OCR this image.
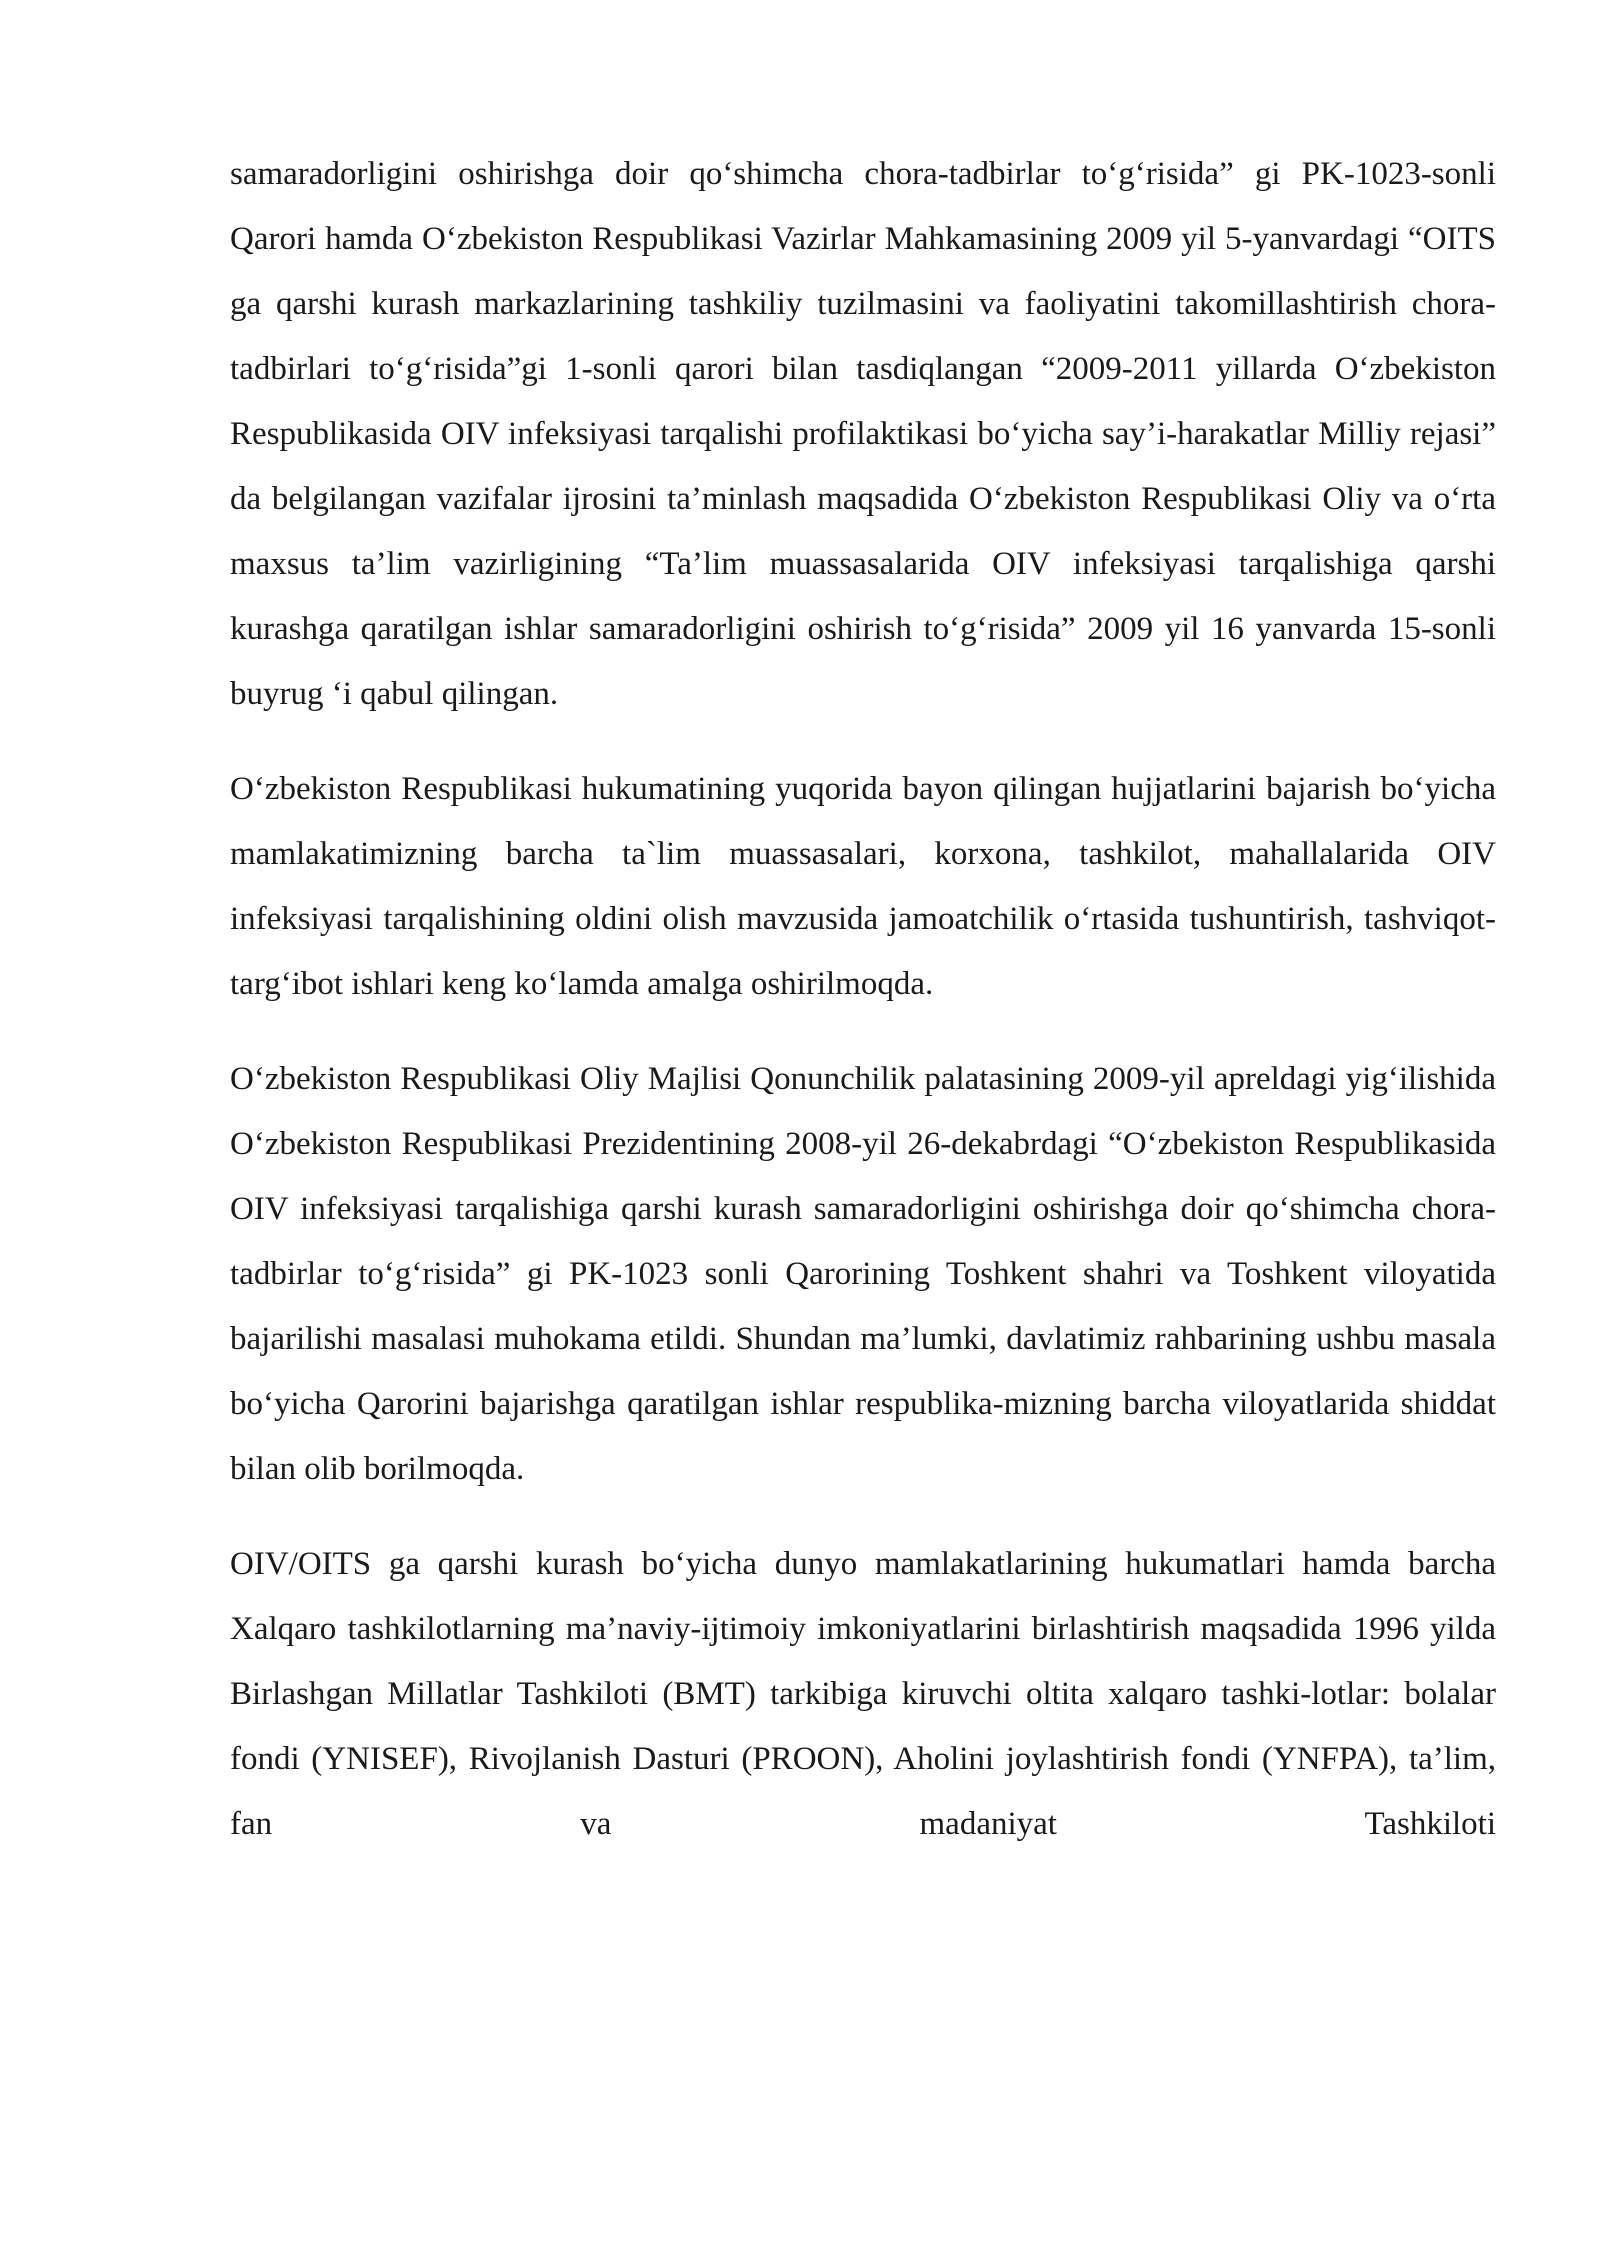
samaradorligini oshirishga doir qo‘shimcha chora-tadbirlar to‘g‘risida” gi PK-1023-sonli Qarori hamda O‘zbekiston Respublikasi Vazirlar Mahkamasining 2009 yil 5-yanvardagi “OITS ga qarshi kurash markazlarining tashkiliy tuzilmasini va faoliyatini takomillashtirish chora-tadbirlari to‘g‘risida”gi 1-sonli qarori bilan tasdiqlangan “2009-2011 yillarda O‘zbekiston Respublikasida OIV infeksiyasi tarqalishi profilaktikasi bo‘yicha say’i-harakatlar Milliy rejasi” da belgilangan vazifalar ijrosini ta’minlash maqsadida O‘zbekiston Respublikasi Oliy va o‘rta maxsus ta’lim vazirligining “Ta’lim muassasalarida OIV infeksiyasi tarqalishiga qarshi kurashga qaratilgan ishlar samaradorligini oshirish to‘g‘risida” 2009 yil 16 yanvarda 15-sonli buyrug ‘i qabul qilingan.

O‘zbekiston Respublikasi hukumatining yuqorida bayon qilingan hujjatlarini bajarish bo‘yicha mamlakatimizning barcha ta`lim muassasalari, korxona, tashkilot, mahallalarida OIV infeksiyasi tarqalishining oldini olish mavzusida jamoatchilik o‘rtasida tushuntirish, tashviqot-targ‘ibot ishlari keng ko‘lamda amalga oshirilmoqda.

O‘zbekiston Respublikasi Oliy Majlisi Qonunchilik palatasining 2009-yil apreldagi yig‘ilishida O‘zbekiston Respublikasi Prezidentining 2008-yil 26-dekabrdagi “O‘zbekiston Respublikasida OIV infeksiyasi tarqalishiga qarshi kurash samaradorligini oshirishga doir qo‘shimcha chora-tadbirlar to‘g‘risida” gi PK-1023 sonli Qarorining Toshkent shahri va Toshkent viloyatida bajarilishi masalasi muhokama etildi. Shundan ma’lumki, davlatimiz rahbarining ushbu masala bo‘yicha Qarorini bajarishga qaratilgan ishlar respublika-mizning barcha viloyatlarida shiddat bilan olib borilmoqda.

OIV/OITS ga qarshi kurash bo‘yicha dunyo mamlakatlarining hukumatlari hamda barcha Xalqaro tashkilotlarning ma’naviy-ijtimoiy imkoniyatlarini birlashtirish maqsadida 1996 yilda Birlashgan Millatlar Tashkiloti (BMT) tarkibiga kiruvchi oltita xalqaro tashki-lotlar: bolalar fondi (YNISEF), Rivojlanish Dasturi (PROON), Aholini joylashtirish fondi (YNFPA), ta’lim, fan va madaniyat Tashkiloti
